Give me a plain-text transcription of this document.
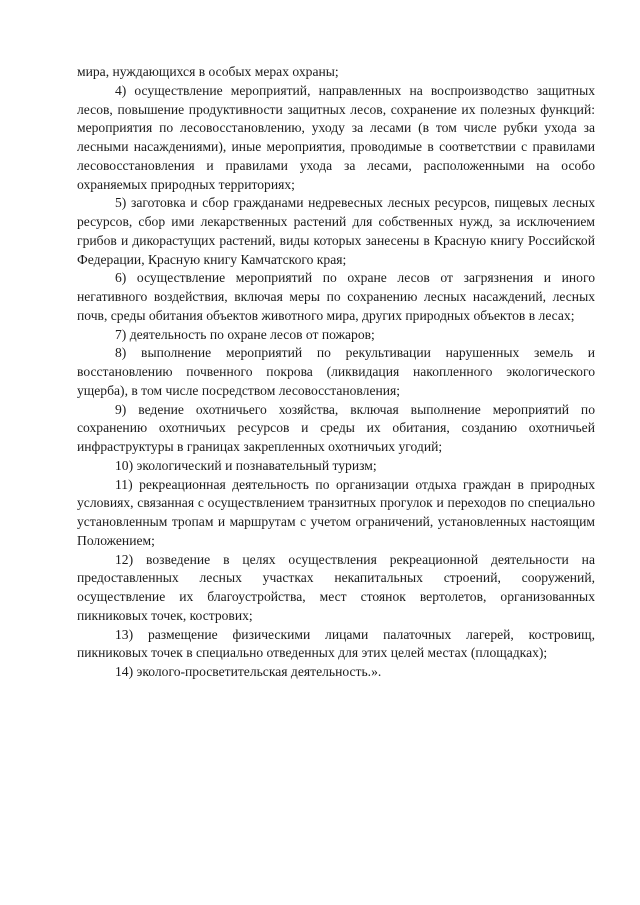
мира, нуждающихся в особых мерах охраны;

4) осуществление мероприятий, направленных на воспроизводство защитных лесов, повышение продуктивности защитных лесов, сохранение их полезных функций: мероприятия по лесовосстановлению, уходу за лесами (в том числе рубки ухода за лесными насаждениями), иные мероприятия, проводимые в соответствии с правилами лесовосстановления и правилами ухода за лесами, расположенными на особо охраняемых природных территориях;

5) заготовка и сбор гражданами недревесных лесных ресурсов, пищевых лесных ресурсов, сбор ими лекарственных растений для собственных нужд, за исключением грибов и дикорастущих растений, виды которых занесены в Красную книгу Российской Федерации, Красную книгу Камчатского края;

6) осуществление мероприятий по охране лесов от загрязнения и иного негативного воздействия, включая меры по сохранению лесных насаждений, лесных почв, среды обитания объектов животного мира, других природных объектов в лесах;

7) деятельность по охране лесов от пожаров;

8) выполнение мероприятий по рекультивации нарушенных земель и восстановлению почвенного покрова (ликвидация накопленного экологического ущерба), в том числе посредством лесовосстановления;

9) ведение охотничьего хозяйства, включая выполнение мероприятий по сохранению охотничьих ресурсов и среды их обитания, созданию охотничьей инфраструктуры в границах закрепленных охотничьих угодий;

10) экологический и познавательный туризм;

11) рекреационная деятельность по организации отдыха граждан в природных условиях, связанная с осуществлением транзитных прогулок и переходов по специально установленным тропам и маршрутам с учетом ограничений, установленных настоящим Положением;

12) возведение в целях осуществления рекреационной деятельности на предоставленных лесных участках некапитальных строений, сооружений, осуществление их благоустройства, мест стоянок вертолетов, организованных пикниковых точек, кострових;

13) размещение физическими лицами палаточных лагерей, костровищ, пикниковых точек в специально отведенных для этих целей местах (площадках);

14) эколого-просветительская деятельность.».
